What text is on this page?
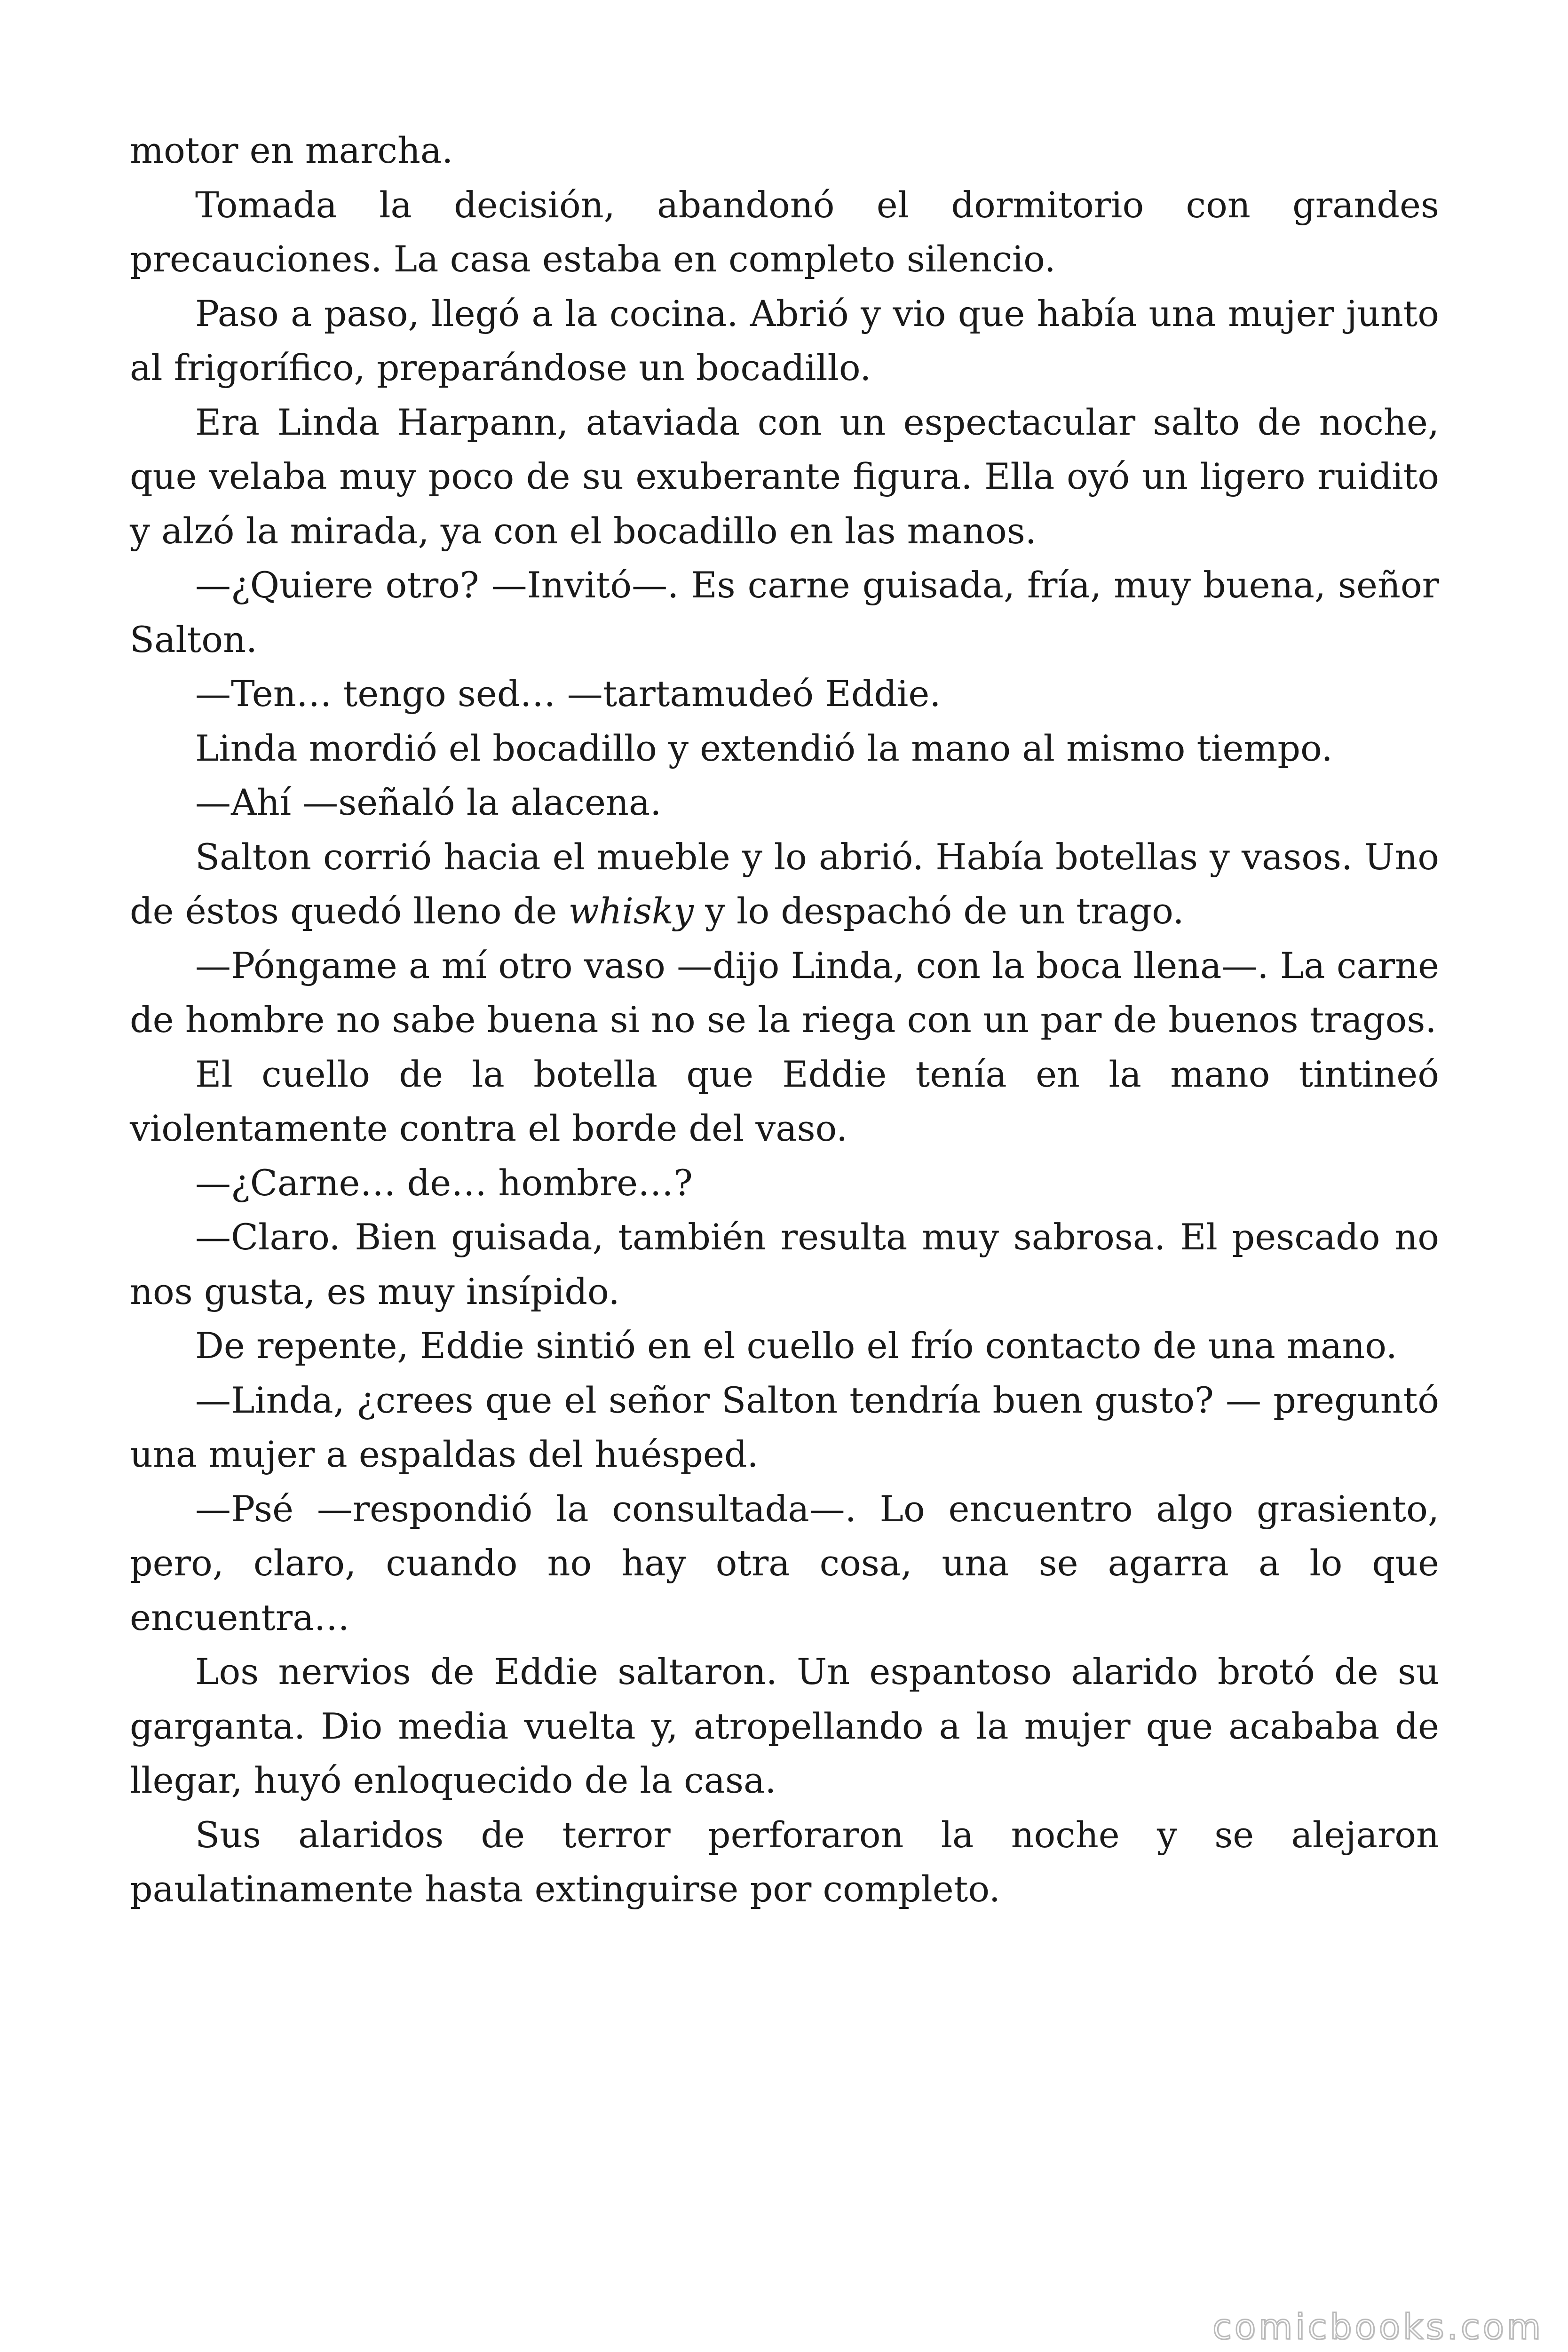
motor en marcha.

Tomada la decisión, abandonó el dormitorio con grandes precauciones. La casa estaba en completo silencio.

Paso a paso, llegó a la cocina. Abrió y vio que había una mujer junto al frigorífico, preparándose un bocadillo.

Era Linda Harpann, ataviada con un espectacular salto de noche, que velaba muy poco de su exuberante figura. Ella oyó un ligero ruidito y alzó la mirada, ya con el bocadillo en las manos.

—¿Quiere otro? —Invitó—. Es carne guisada, fría, muy buena, señor Salton.

—Ten… tengo sed… —tartamudeó Eddie.

Linda mordió el bocadillo y extendió la mano al mismo tiempo.

—Ahí —señaló la alacena.

Salton corrió hacia el mueble y lo abrió. Había botellas y vasos. Uno de éstos quedó lleno de whisky y lo despachó de un trago.

—Póngame a mí otro vaso —dijo Linda, con la boca llena—. La carne de hombre no sabe buena si no se la riega con un par de buenos tragos.

El cuello de la botella que Eddie tenía en la mano tintineó violentamente contra el borde del vaso.

—¿Carne… de… hombre…?

—Claro. Bien guisada, también resulta muy sabrosa. El pescado no nos gusta, es muy insípido.

De repente, Eddie sintió en el cuello el frío contacto de una mano.

—Linda, ¿crees que el señor Salton tendría buen gusto? — preguntó una mujer a espaldas del huésped.

—Psé —respondió la consultada—. Lo encuentro algo grasiento, pero, claro, cuando no hay otra cosa, una se agarra a lo que encuentra…

Los nervios de Eddie saltaron. Un espantoso alarido brotó de su garganta. Dio media vuelta y, atropellando a la mujer que acababa de llegar, huyó enloquecido de la casa.

Sus alaridos de terror perforaron la noche y se alejaron paulatinamente hasta extinguirse por completo.

comicbooks.com
